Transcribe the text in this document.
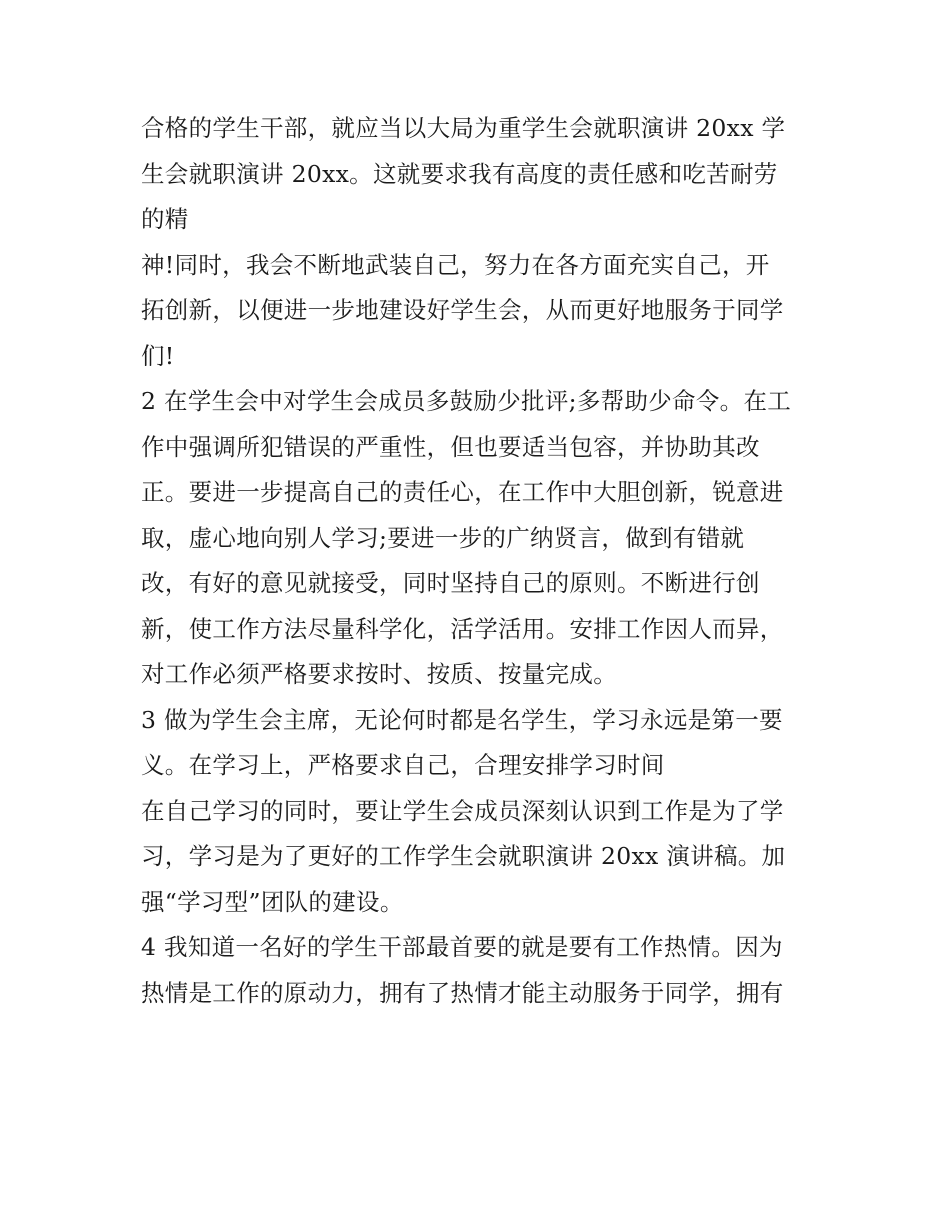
合格的学生干部，就应当以大局为重学生会就职演讲 20xx 学
生会就职演讲 20xx。这就要求我有高度的责任感和吃苦耐劳
的精
神!同时，我会不断地武装自己，努力在各方面充实自己，开
拓创新，以便进一步地建设好学生会，从而更好地服务于同学
们!
2 在学生会中对学生会成员多鼓励少批评;多帮助少命令。在工
作中强调所犯错误的严重性，但也要适当包容，并协助其改
正。要进一步提高自己的责任心，在工作中大胆创新，锐意进
取，虚心地向别人学习;要进一步的广纳贤言，做到有错就
改，有好的意见就接受，同时坚持自己的原则。不断进行创
新，使工作方法尽量科学化，活学活用。安排工作因人而异，
对工作必须严格要求按时、按质、按量完成。
3 做为学生会主席，无论何时都是名学生，学习永远是第一要
义。在学习上，严格要求自己，合理安排学习时间
在自己学习的同时，要让学生会成员深刻认识到工作是为了学
习，学习是为了更好的工作学生会就职演讲 20xx 演讲稿。加
强“学习型”团队的建设。
4 我知道一名好的学生干部最首要的就是要有工作热情。因为
热情是工作的原动力，拥有了热情才能主动服务于同学，拥有
